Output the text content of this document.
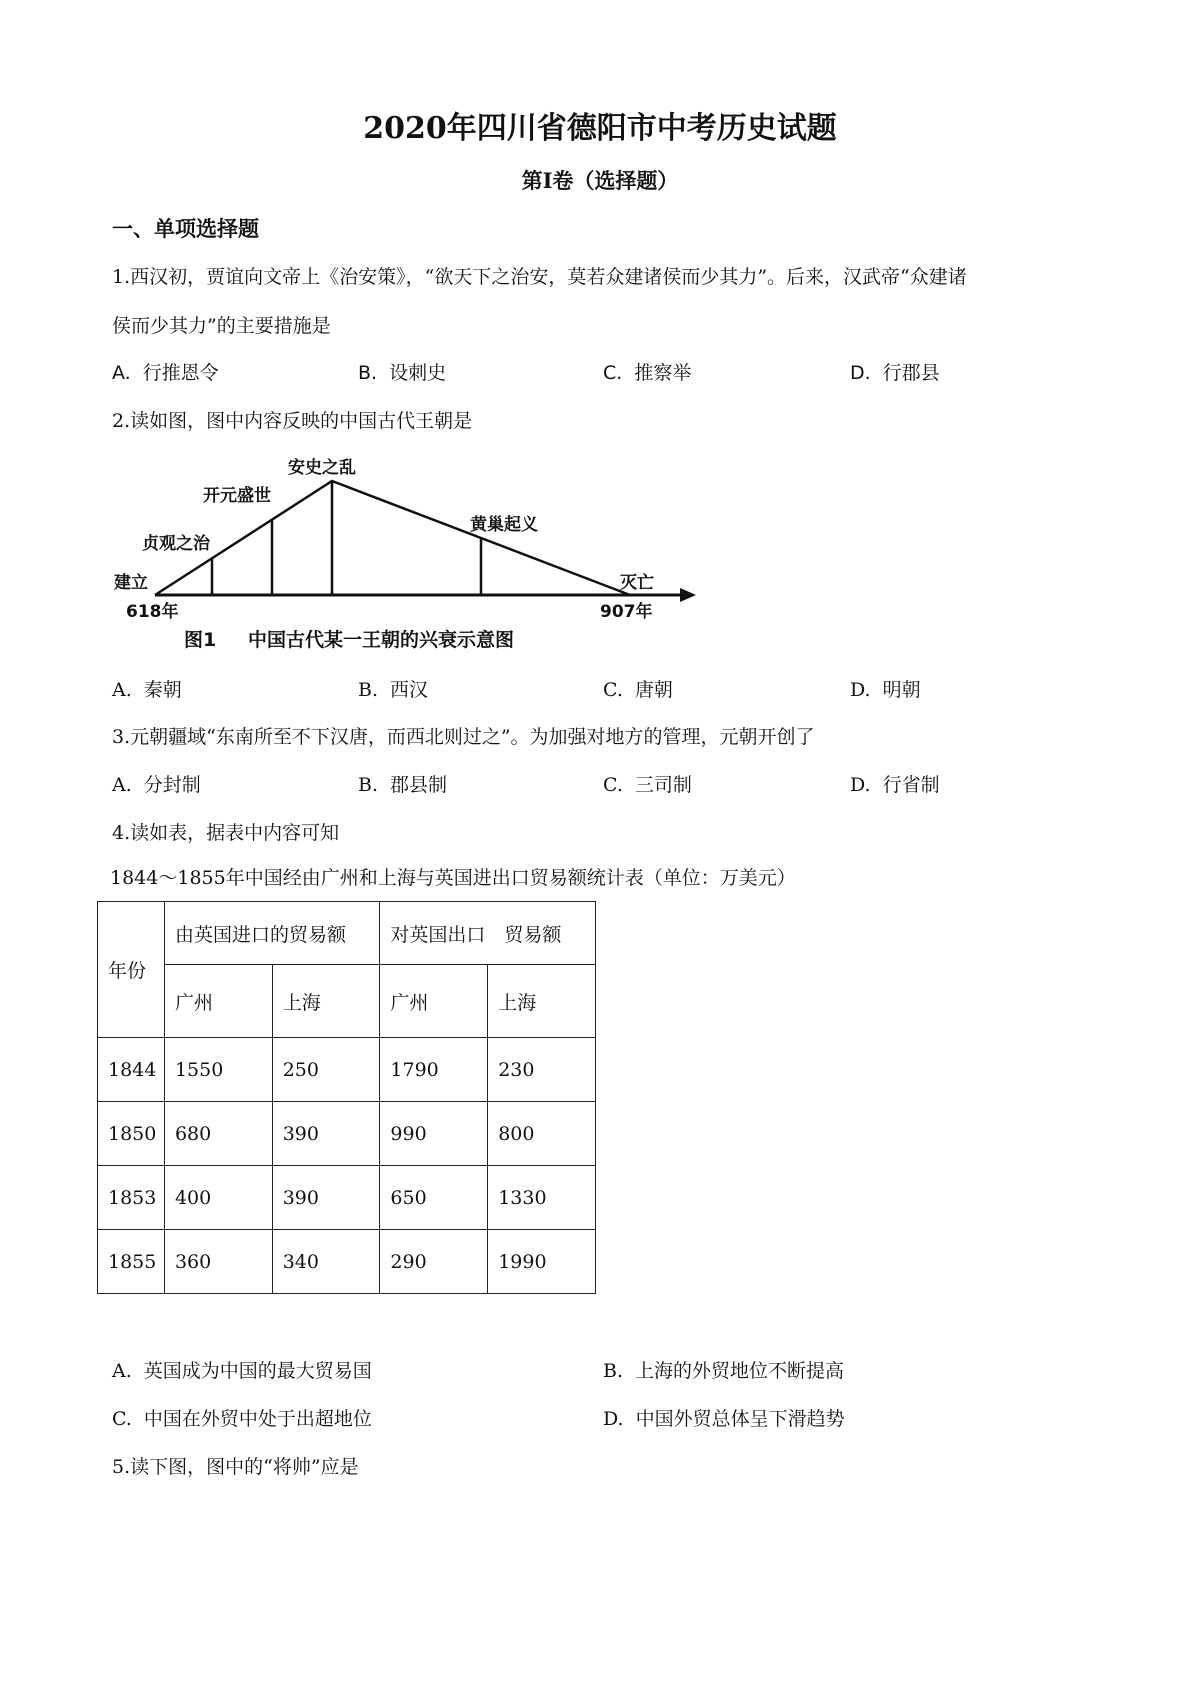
2020年四川省德阳市中考历史试题
第Ⅰ卷（选择题）
一、单项选择题
1.西汉初，贾谊向文帝上《治安策》，“欲天下之治安，莫若众建诸侯而少其力”。后来，汉武帝“众建诸
侯而少其力”的主要措施是
A. 行推恩令	B. 设刺史	C. 推察举	D. 行郡县
2.读如图，图中内容反映的中国古代王朝是
建立
贞观之治
开元盛世
安史之乱
黄巢起义
灭亡
618年	907年
图1 中国古代某一王朝的兴衰示意图
A. 秦朝	B. 西汉	C. 唐朝	D. 明朝
3.元朝疆域“东南所至不下汉唐，而西北则过之”。为加强对地方的管理，元朝开创了
A. 分封制	B. 郡县制	C. 三司制	D. 行省制
4.读如表，据表中内容可知
1844～1855年中国经由广州和上海与英国进出口贸易额统计表（单位：万美元）
年份	由英国进口的贸易额		对英国出口　贸易额	
	广州	上海	广州	上海
1844	1550	250	1790	230
1850	680	390	990	800
1853	400	390	650	1330
1855	360	340	290	1990
A. 英国成为中国的最大贸易国	B. 上海的外贸地位不断提高
C. 中国在外贸中处于出超地位	D. 中国外贸总体呈下滑趋势
5.读下图，图中的“将帅”应是
